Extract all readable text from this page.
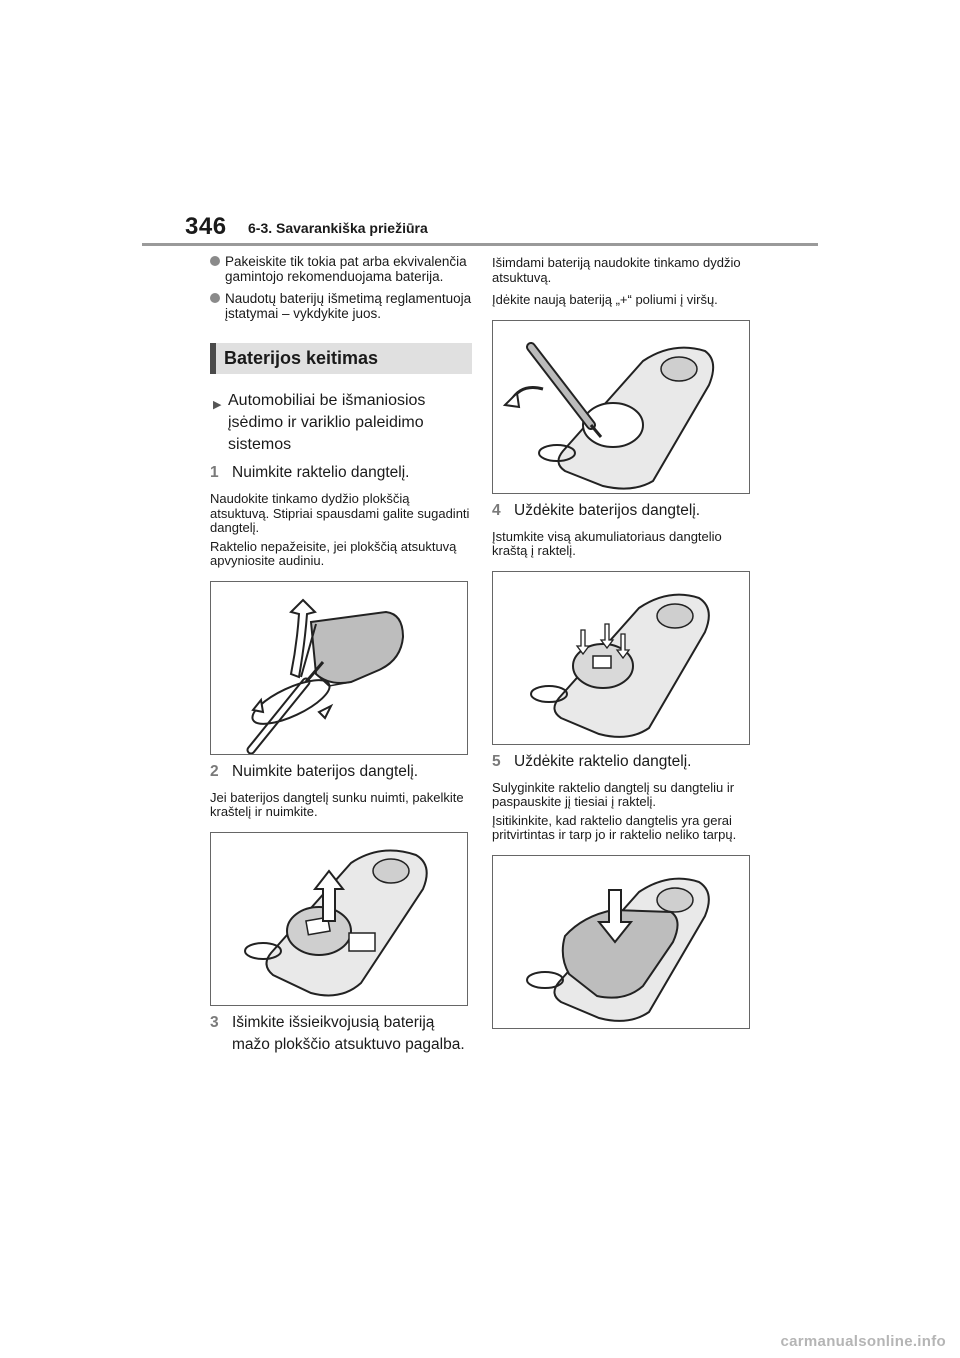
346 6-3. Savarankiška priežiūra
Pakeiskite tik tokia pat arba ekvivalenčia gamintojo rekomenduojama baterija.
Naudotų baterijų išmetimą reglamentuoja įstatymai – vykdykite juos.
Baterijos keitimas
▶ Automobiliai be išmaniosios įsėdimo ir variklio paleidimo sistemos
1 Nuimkite raktelio dangtelį.
Naudokite tinkamo dydžio plokščią atsuktuvą. Stipriai spausdami galite sugadinti dangtelį.
Raktelio nepažeisite, jei plokščią atsuktuvą apvyniosite audiniu.
2 Nuimkite baterijos dangtelį.
Jei baterijos dangtelį sunku nuimti, pakelkite kraštelį ir nuimkite.
3 Išimkite išsieikvojusią bateriją mažo plokščio atsuktuvo pagalba.
Išimdami bateriją naudokite tinkamo dydžio atsuktuvą.
Įdėkite naują bateriją „+“ poliumi į viršų.
4 Uždėkite baterijos dangtelį.
Įstumkite visą akumuliatoriaus dangtelio kraštą į raktelį.
5 Uždėkite raktelio dangtelį.
Sulyginkite raktelio dangtelį su dangteliu ir paspauskite jį tiesiai į raktelį.
Įsitikinkite, kad raktelio dangtelis yra gerai pritvirtintas ir tarp jo ir raktelio neliko tarpų.
carmanualsonline.info
